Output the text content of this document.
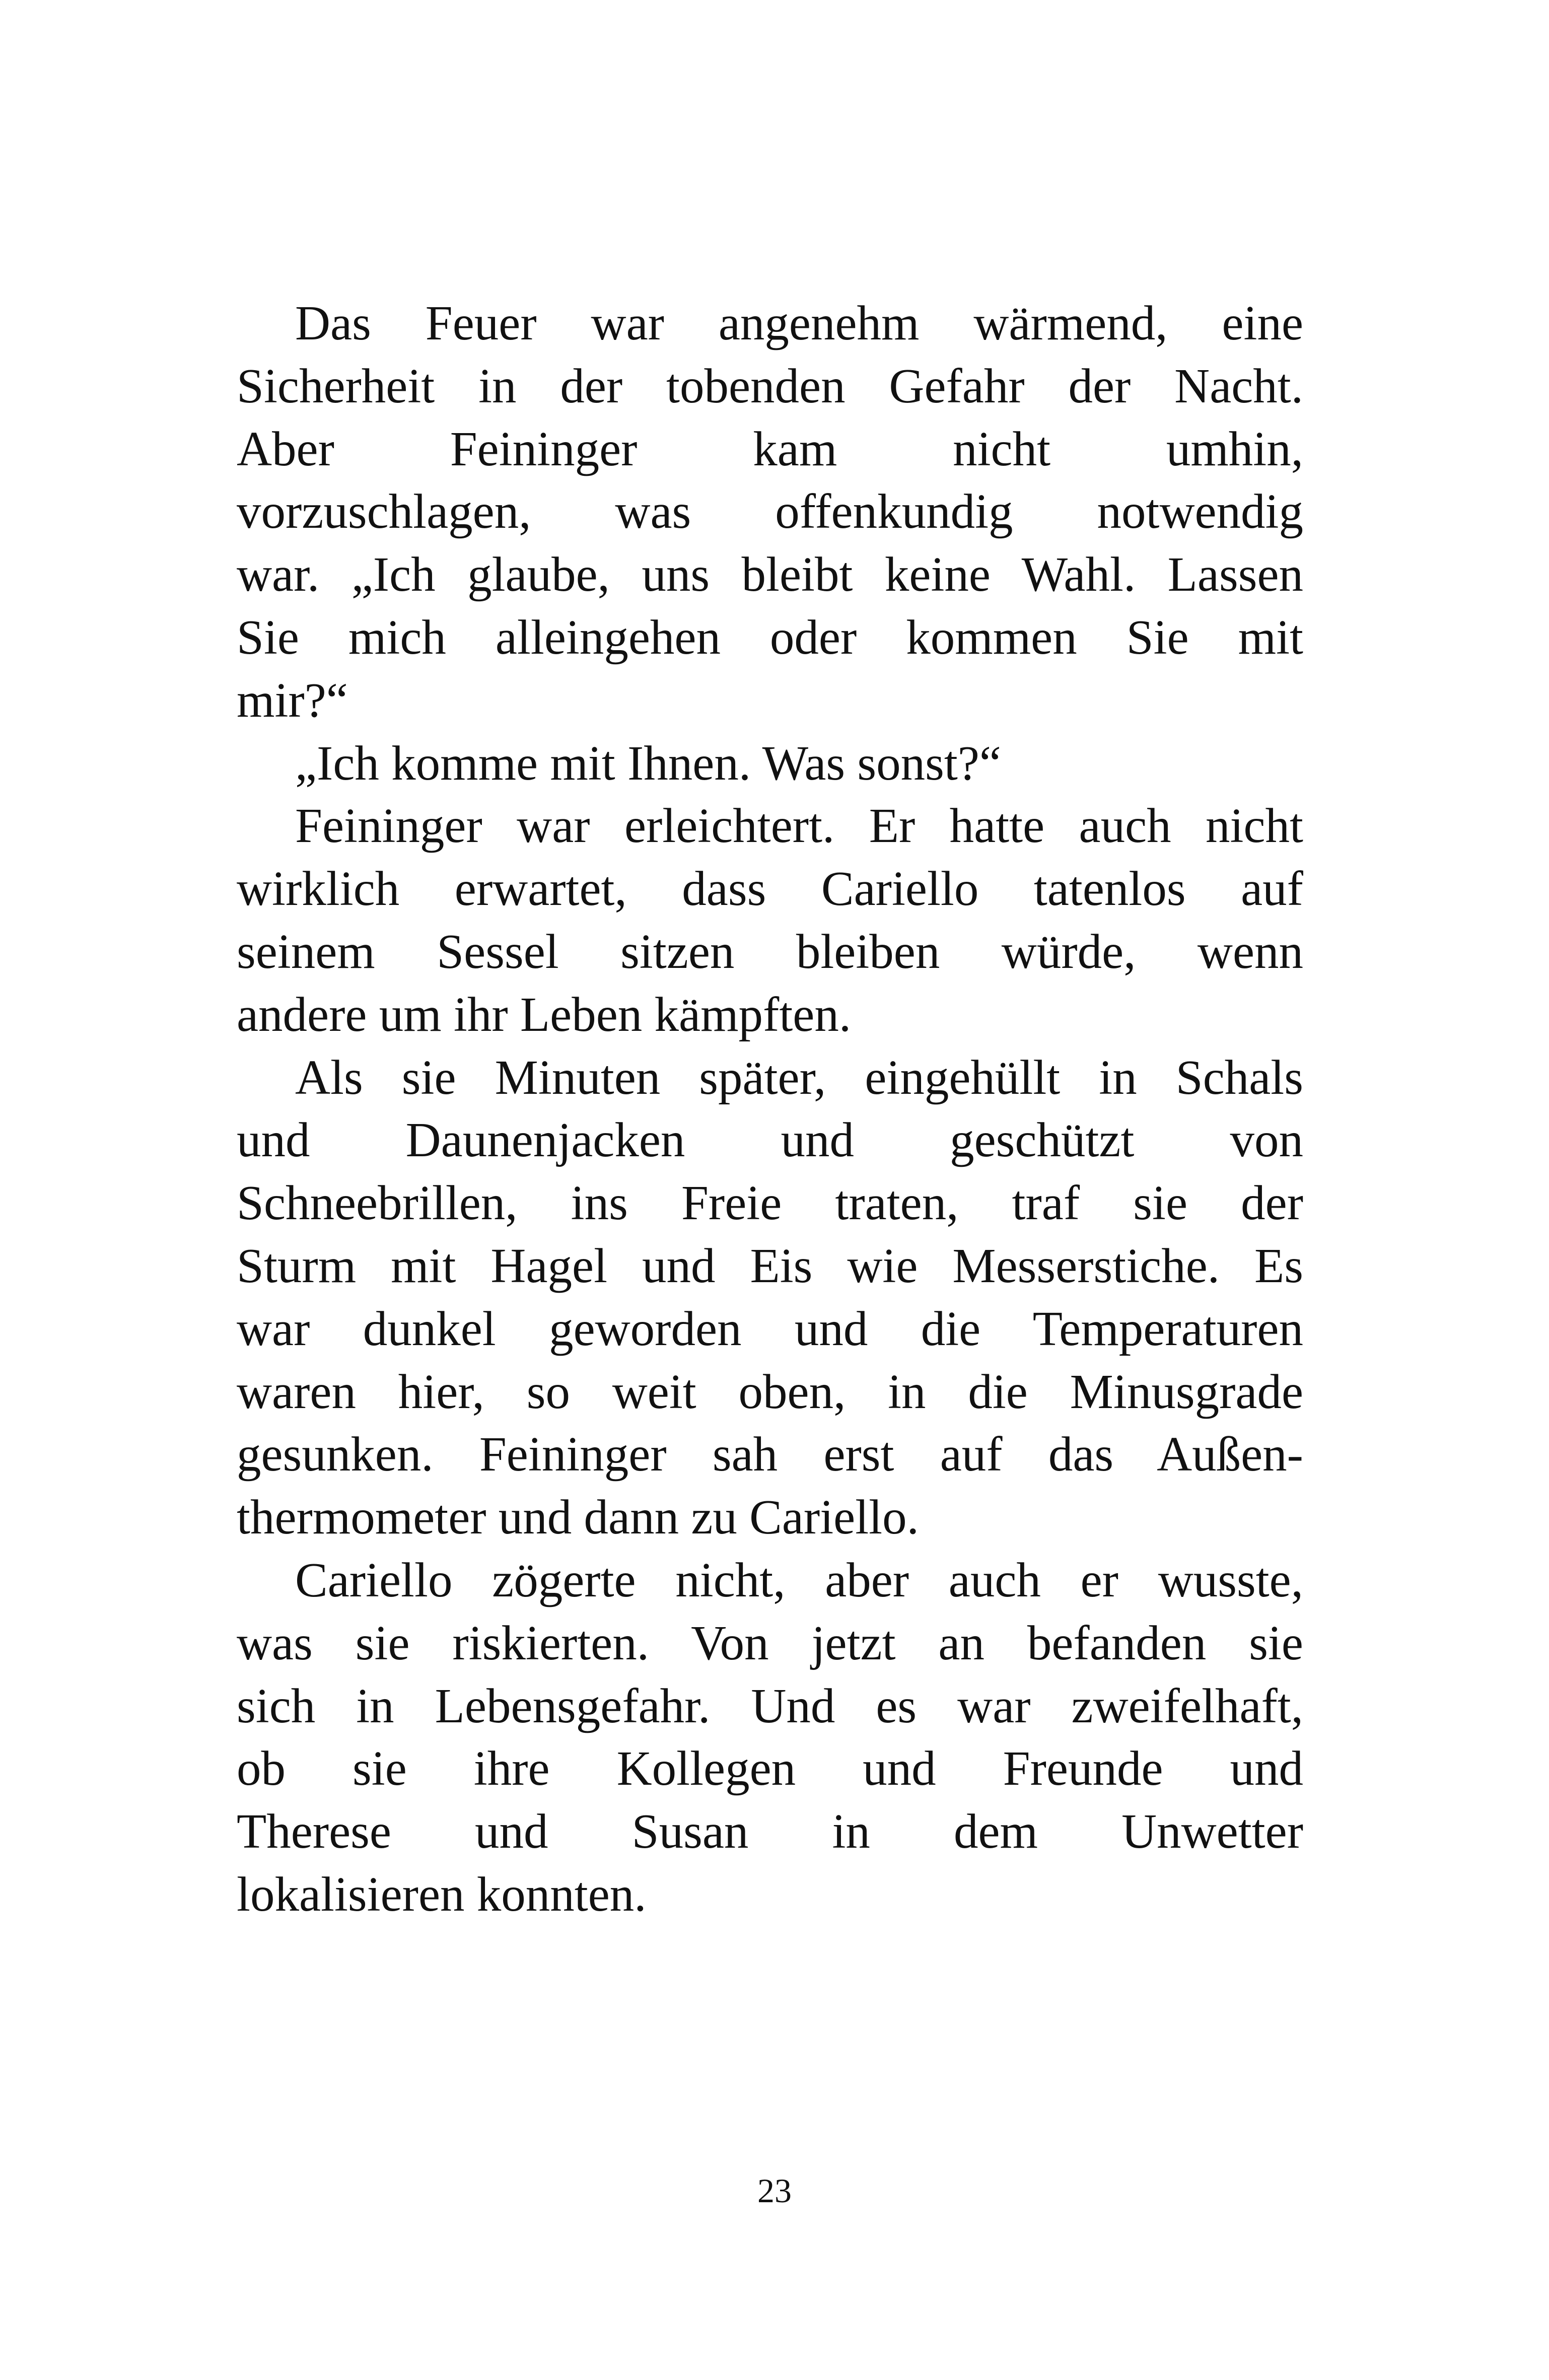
Das Feuer war angenehm wärmend, eine
Sicherheit in der tobenden Gefahr der Nacht.
Aber Feininger kam nicht umhin,
vorzuschlagen, was offenkundig notwendig
war. „Ich glaube, uns bleibt keine Wahl. Lassen
Sie mich alleingehen oder kommen Sie mit
mir?“
„Ich komme mit Ihnen. Was sonst?“
Feininger war erleichtert. Er hatte auch nicht
wirklich erwartet, dass Cariello tatenlos auf
seinem Sessel sitzen bleiben würde, wenn
andere um ihr Leben kämpften.
Als sie Minuten später, eingehüllt in Schals
und Daunenjacken und geschützt von
Schneebrillen, ins Freie traten, traf sie der
Sturm mit Hagel und Eis wie Messerstiche. Es
war dunkel geworden und die Temperaturen
waren hier, so weit oben, in die Minusgrade
gesunken. Feininger sah erst auf das Außen-
thermometer und dann zu Cariello.
Cariello zögerte nicht, aber auch er wusste,
was sie riskierten. Von jetzt an befanden sie
sich in Lebensgefahr. Und es war zweifelhaft,
ob sie ihre Kollegen und Freunde und
Therese und Susan in dem Unwetter
lokalisieren konnten.
23
